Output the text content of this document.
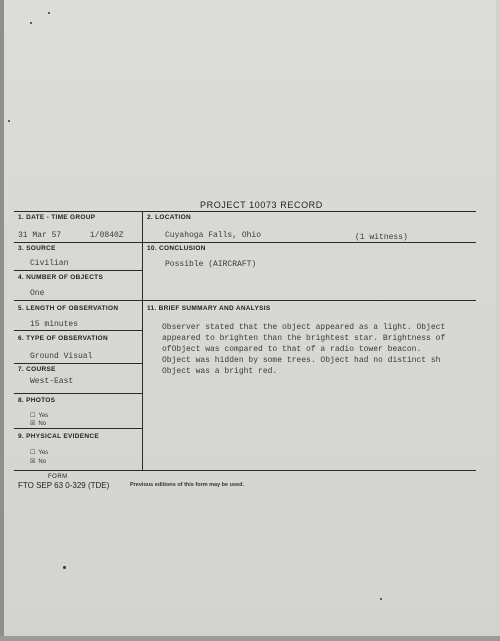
PROJECT 10073 RECORD
1. DATE - TIME GROUP
31 Mar 57	1/0840Z
2. LOCATION
Cuyahoga Falls, Ohio	(1 witness)
3. SOURCE
Civilian
10. CONCLUSION
Possible (AIRCRAFT)
4. NUMBER OF OBJECTS
One
5. LENGTH OF OBSERVATION
15 minutes
11. BRIEF SUMMARY AND ANALYSIS
Observer stated that the object appeared as a light. Object
appeared to brighten than the brightest star. Brightness of
ofObject was compared to that of a radio tower beacon.
Object was hidden by some trees. Object had no distinct sh
Object was a bright red.
6. TYPE OF OBSERVATION
Ground Visual
7. COURSE
West-East
8. PHOTOS
☐ Yes
☒ No
9. PHYSICAL EVIDENCE
☐ Yes
☒ No
FORM
FTO SEP 63 0-329 (TDE)	Previous editions of this form may be used.
